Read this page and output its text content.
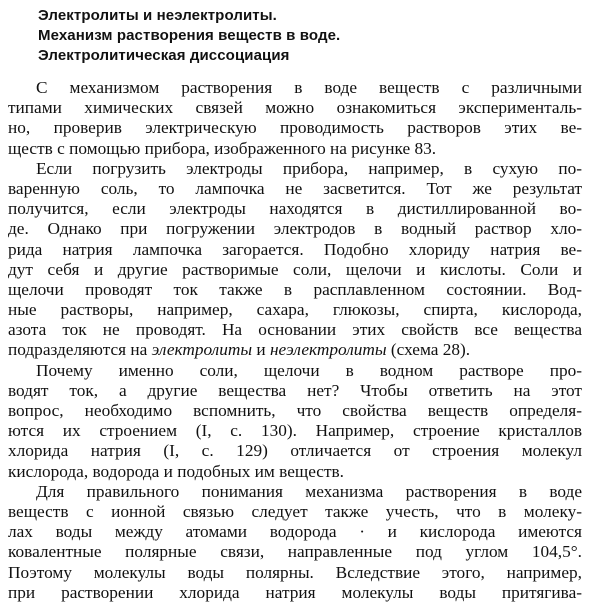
Электролиты и неэлектролиты.
Механизм растворения веществ в воде.
Электролитическая диссоциация
С механизмом растворения в воде веществ с различными
типами химических связей можно ознакомиться эксперименталь-
но, проверив электрическую проводимость растворов этих ве-
ществ с помощью прибора, изображенного на рисунке 83.
Если погрузить электроды прибора, например, в сухую по-
варенную соль, то лампочка не засветится. Тот же результат
получится, если электроды находятся в дистиллированной во-
де. Однако при погружении электродов в водный раствор хло-
рида натрия лампочка загорается. Подобно хлориду натрия ве-
дут себя и другие растворимые соли, щелочи и кислоты. Соли и
щелочи проводят ток также в расплавленном состоянии. Вод-
ные растворы, например, сахара, глюкозы, спирта, кислорода,
азота ток не проводят. На основании этих свойств все вещества
подразделяются на электролиты и неэлектролиты (схема 28).
Почему именно соли, щелочи в водном растворе про-
водят ток, а другие вещества нет? Чтобы ответить на этот
вопрос, необходимо вспомнить, что свойства веществ определя-
ются их строением (I, с. 130). Например, строение кристаллов
хлорида натрия (I, с. 129) отличается от строения молекул
кислорода, водорода и подобных им веществ.
Для правильного понимания механизма растворения в воде
веществ с ионной связью следует также учесть, что в молеку-
лах воды между атомами водорода · и кислорода имеются
ковалентные полярные связи, направленные под углом 104,5°.
Поэтому молекулы воды полярны. Вследствие этого, например,
при растворении хлорида натрия молекулы воды притягива-
